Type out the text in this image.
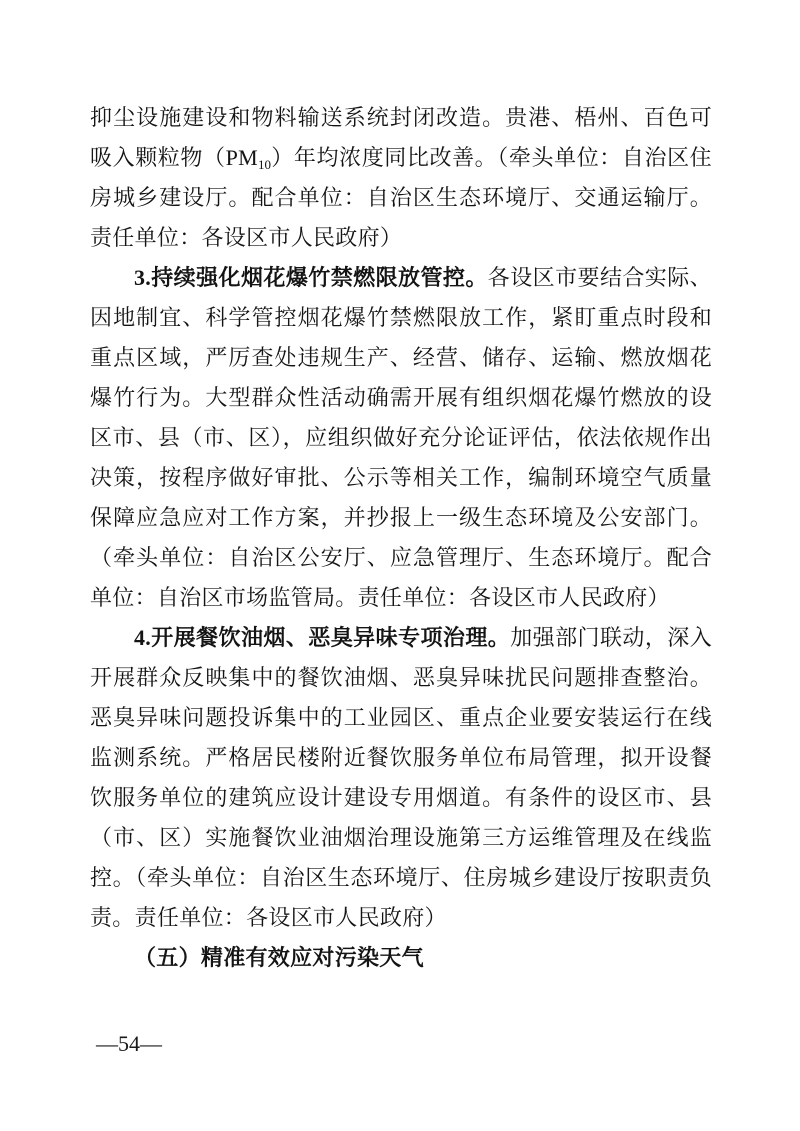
抑尘设施建设和物料输送系统封闭改造。贵港、梧州、百色可吸入颗粒物$(PM_{10})$年均浓度同比改善。（牵头单位：自治区住房城乡建设厅。配合单位：自治区生态环境厅、交通运输厅。责任单位：各设区市人民政府）

3.持续强化烟花爆竹禁燃限放管控。各设区市要结合实际、因地制宜、科学管控烟花爆竹禁燃限放工作，紧盯重点时段和重点区域，严厉查处违规生产、经营、储存、运输、燃放烟花爆竹行为。大型群众性活动确需开展有组织烟花爆竹燃放的设区市、县（市、区），应组织做好充分论证评估，依法依规作出决策，按程序做好审批、公示等相关工作，编制环境空气质量保障应急应对工作方案，并抄报上一级生态环境及公安部门。（牵头单位：自治区公安厅、应急管理厅、生态环境厅。配合单位：自治区市场监管局。责任单位：各设区市人民政府）

4.开展餐饮油烟、恶臭异味专项治理。加强部门联动，深入开展群众反映集中的餐饮油烟、恶臭异味扰民问题排查整治。恶臭异味问题投诉集中的工业园区、重点企业要安装运行在线监测系统。严格居民楼附近餐饮服务单位布局管理，拟开设餐饮服务单位的建筑应设计建设专用烟道。有条件的设区市、县（市、区）实施餐饮业油烟治理设施第三方运维管理及在线监控。（牵头单位：自治区生态环境厅、住房城乡建设厅按职责负责。责任单位：各设区市人民政府）

（五）精准有效应对污染天气

—54—
